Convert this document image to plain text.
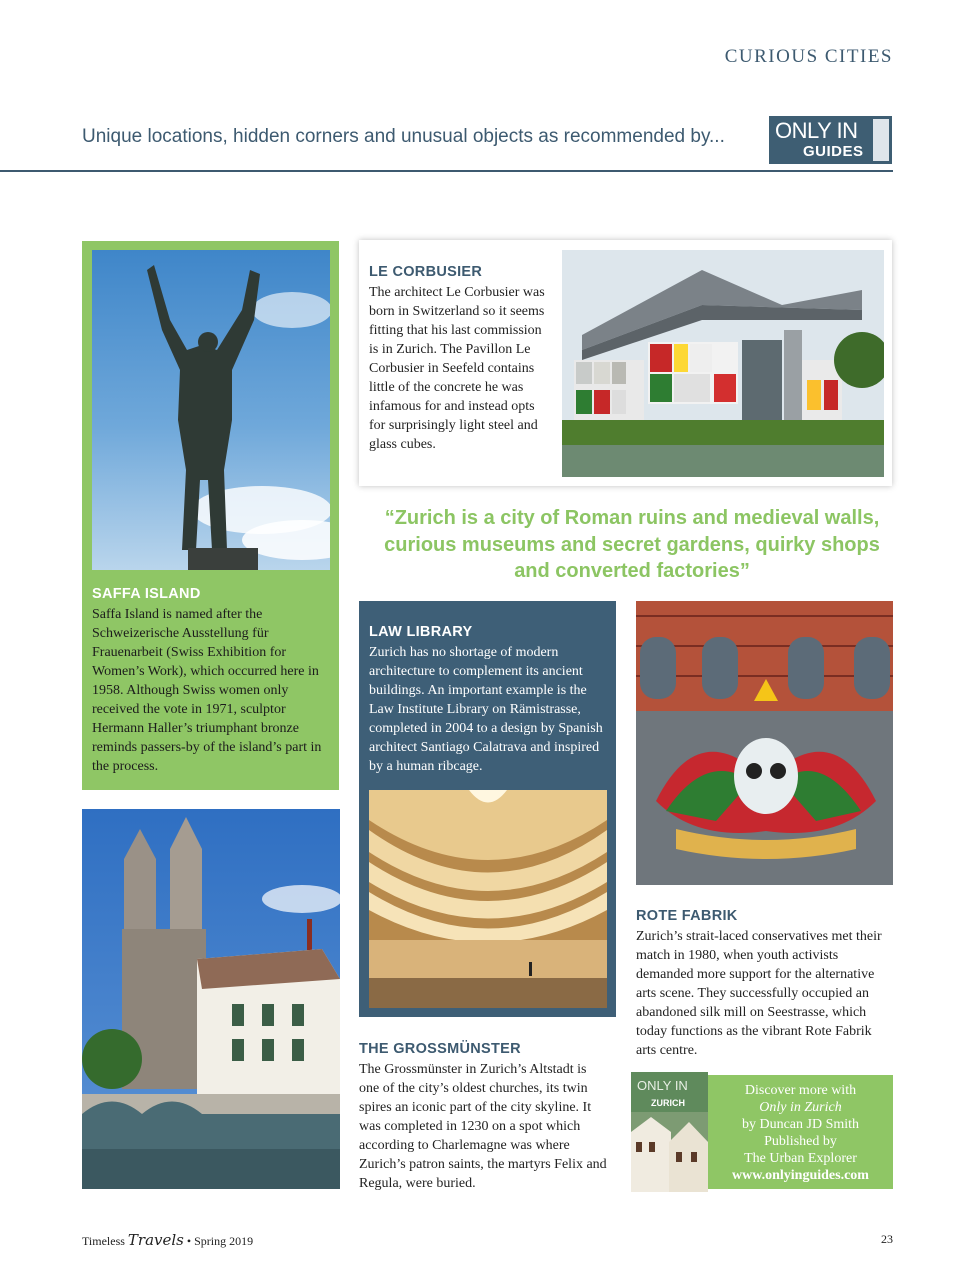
CURIOUS CITIES
Unique locations, hidden corners and unusual objects as recommended by... ONLY IN
GUIDES
SAFFA ISLAND
Saffa Island is named after the Schweizerische Ausstellung für Frauenarbeit (Swiss Exhibition for Women’s Work), which occurred here in 1958. Although Swiss women only received the vote in 1971, sculptor Hermann Haller’s triumphant bronze reminds passers-by of the island’s part in the process.
LE CORBUSIER
The architect Le Corbusier was born in Switzerland so it seems fitting that his last commission is in Zurich. The Pavillon Le Corbusier in Seefeld contains little of the concrete he was infamous for and instead opts for surprisingly light steel and glass cubes.
“Zurich is a city of Roman ruins and medieval walls, curious museums and secret gardens, quirky shops and converted factories”
LAW LIBRARY
Zurich has no shortage of modern architecture to complement its ancient buildings. An important example is the Law Institute Library on Rämistrasse, completed in 2004 to a design by Spanish architect Santiago Calatrava and inspired by a human ribcage.
ROTE FABRIK
Zurich’s strait-laced conservatives met their match in 1980, when youth activists demanded more support for the alternative arts scene. They successfully occupied an abandoned silk mill on Seestrasse, which today functions as the vibrant Rote Fabrik arts centre.
THE GROSSMÜNSTER
The Grossmünster in Zurich’s Altstadt is one of the city’s oldest churches, its twin spires an iconic part of the city skyline. It was completed in 1230 on a spot which according to Charlemagne was where Zurich’s patron saints, the martyrs Felix and Regula, were buried.
ONLY IN
ZURICH
Discover more with
Only in Zurich
by Duncan JD Smith
Published by
The Urban Explorer
www.onlyinguides.com
Timeless Travels • Spring 2019	23
